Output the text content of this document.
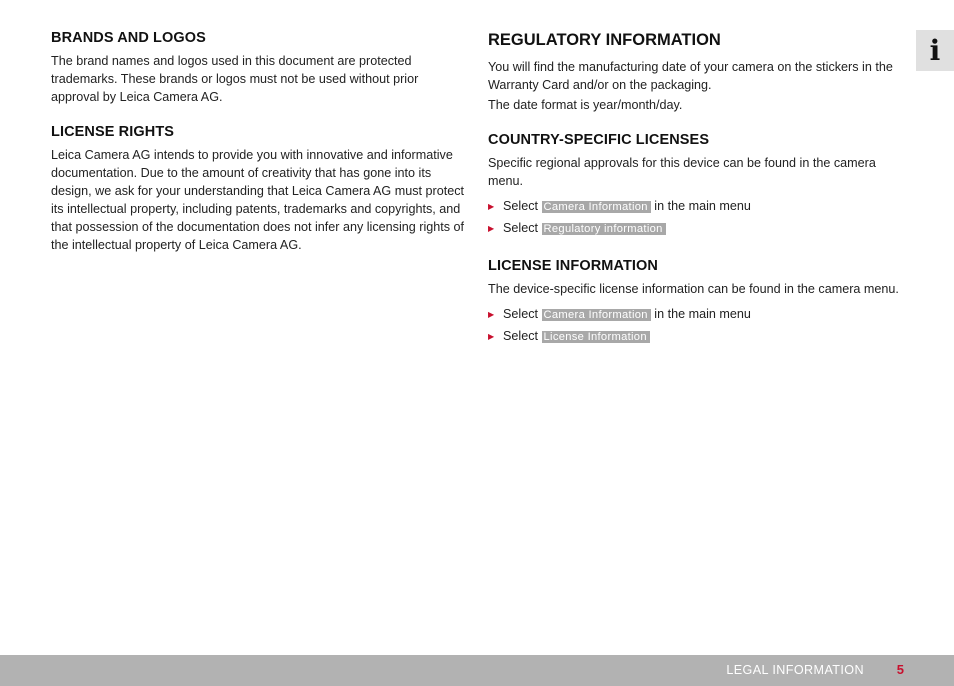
BRANDS AND LOGOS

The brand names and logos used in this document are protected trademarks. These brands or logos must not be used without prior approval by Leica Camera AG.

LICENSE RIGHTS

Leica Camera AG intends to provide you with innovative and informative documentation. Due to the amount of creativity that has gone into its design, we ask for your understanding that Leica Camera AG must protect its intellectual property, including patents, trademarks and copyrights, and that possession of the documentation does not infer any licensing rights of the intellectual property of Leica Camera AG.

REGULATORY INFORMATION

You will find the manufacturing date of your camera on the stickers in the Warranty Card and/or on the packaging.

The date format is year/month/day.

COUNTRY-SPECIFIC LICENSES

Specific regional approvals for this device can be found in the camera menu.

▶ Select Camera Information in the main menu
▶ Select Regulatory information
LICENSE INFORMATION

The device-specific license information can be found in the camera menu.

▶ Select Camera Information in the main menu
▶ Select License Information
i
LEGAL INFORMATION	5
